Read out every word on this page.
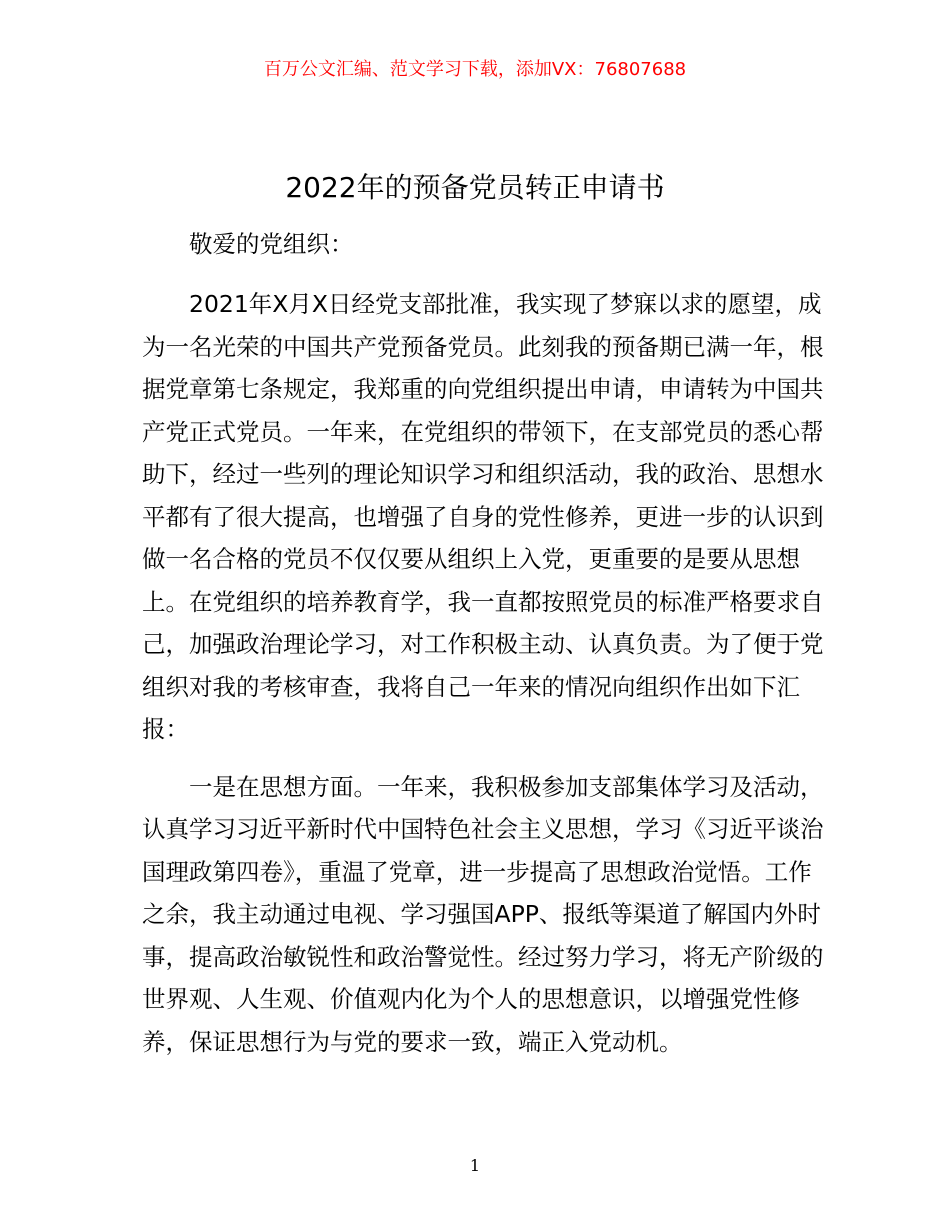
百万公文汇编、范文学习下载，添加VX：76807688
2022年的预备党员转正申请书
敬爱的党组织：

2021年X月X日经党支部批准，我实现了梦寐以求的愿望，成为一名光荣的中国共产党预备党员。此刻我的预备期已满一年，根据党章第七条规定，我郑重的向党组织提出申请，申请转为中国共产党正式党员。一年来，在党组织的带领下，在支部党员的悉心帮助下，经过一些列的理论知识学习和组织活动，我的政治、思想水平都有了很大提高，也增强了自身的党性修养，更进一步的认识到做一名合格的党员不仅仅要从组织上入党，更重要的是要从思想上。在党组织的培养教育学，我一直都按照党员的标准严格要求自己，加强政治理论学习，对工作积极主动、认真负责。为了便于党组织对我的考核审查，我将自己一年来的情况向组织作出如下汇报：

一是在思想方面。一年来，我积极参加支部集体学习及活动，认真学习习近平新时代中国特色社会主义思想，学习《习近平谈治国理政第四卷》，重温了党章，进一步提高了思想政治觉悟。工作之余，我主动通过电视、学习强国APP、报纸等渠道了解国内外时事，提高政治敏锐性和政治警觉性。经过努力学习，将无产阶级的世界观、人生观、价值观内化为个人的思想意识，以增强党性修养，保证思想行为与党的要求一致，端正入党动机。

1
